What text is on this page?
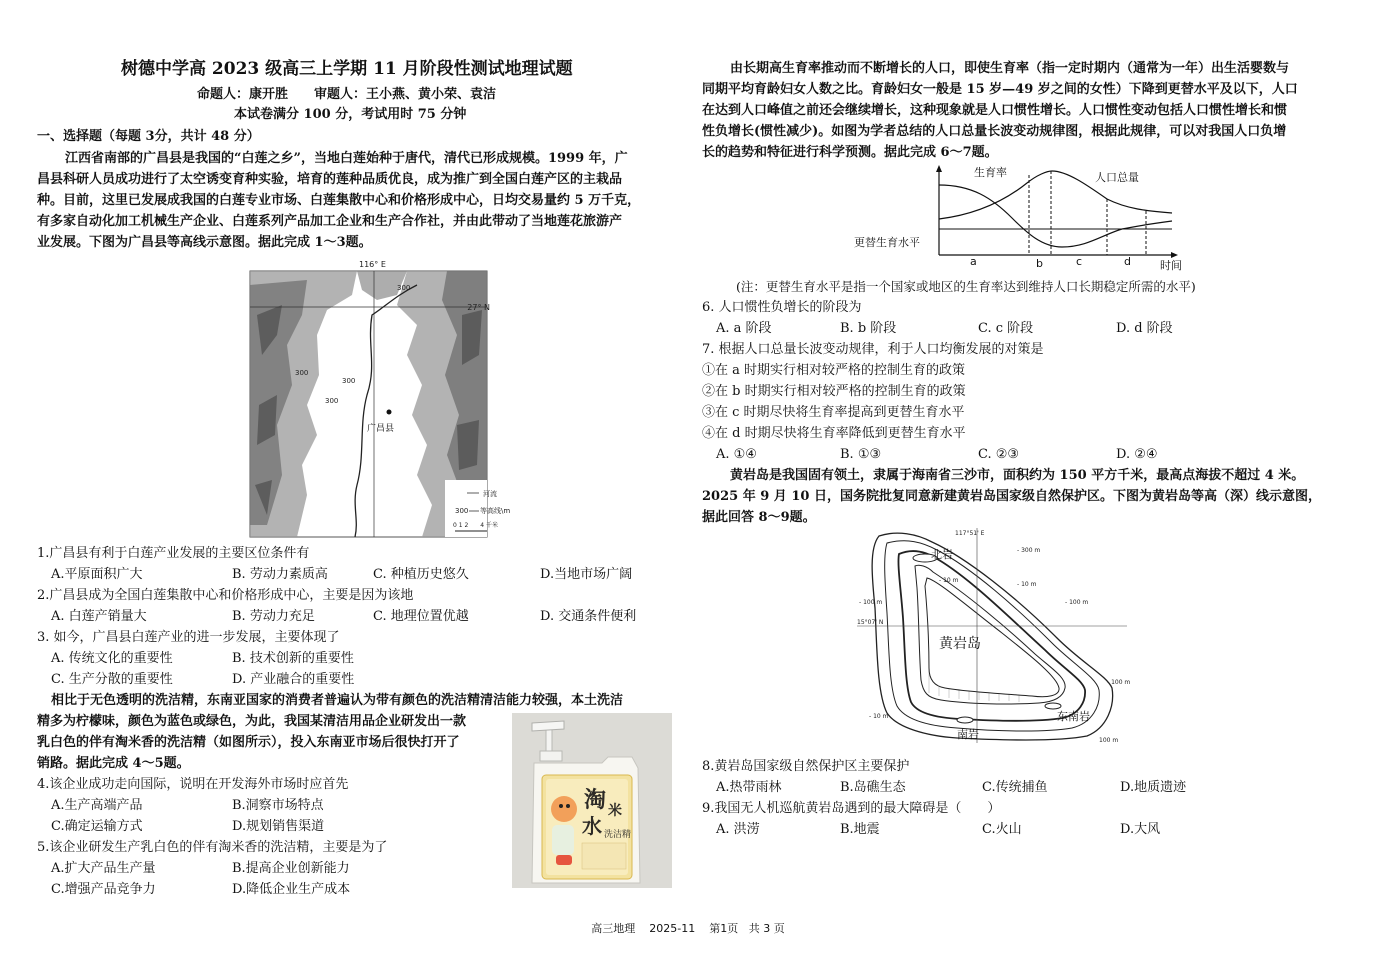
树德中学高 2023 级高三上学期 11 月阶段性测试地理试题
命题人：康开胜　　审题人：王小燕、黄小荣、袁洁
本试卷满分 100 分，考试用时 75 分钟
一、选择题（每题 3分，共计 48 分）
江西省南部的广昌县是我国的“白莲之乡”，当地白莲始种于唐代，清代已形成规模。1999 年，广
昌县科研人员成功进行了太空诱变育种实验，培育的莲种品质优良，成为推广到全国白莲产区的主栽品
种。目前，这里已发展成我国的白莲专业市场、白莲集散中心和价格形成中心，日均交易量约 5 万千克，
有多家自动化加工机械生产企业、白莲系列产品加工企业和生产合作社，并由此带动了当地莲花旅游产
业发展。下图为广昌县等高线示意图。据此完成 1～3题。
116° E
27° N
300
300
300
300
广昌县
河流
300 等高线\m
0 1 2　　4 千米
1.广昌县有利于白莲产业发展的主要区位条件有
A.平原面积广大	B. 劳动力素质高	C. 种植历史悠久	D.当地市场广阔
2.广昌县成为全国白莲集散中心和价格形成中心，主要是因为该地
A. 白莲产销量大	B. 劳动力充足	C. 地理位置优越	D. 交通条件便利
3. 如今，广昌县白莲产业的进一步发展，主要体现了
A. 传统文化的重要性	B. 技术创新的重要性
C. 生产分散的重要性	D. 产业融合的重要性
相比于无色透明的洗洁精，东南亚国家的消费者普遍认为带有颜色的洗洁精清洁能力较强，本土洗洁
精多为柠檬味，颜色为蓝色或绿色，为此，我国某清洁用品企业研发出一款
乳白色的伴有淘米香的洗洁精（如图所示），投入东南亚市场后很快打开了
销路。据此完成 4～5题。
淘 米
水 洗洁精
4.该企业成功走向国际，说明在开发海外市场时应首先
A.生产高端产品	B.洞察市场特点
C.确定运输方式	D.规划销售渠道
5.该企业研发生产乳白色的伴有淘米香的洗洁精，主要是为了
A.扩大产品生产量	B.提高企业创新能力
C.增强产品竞争力	D.降低企业生产成本
由长期高生育率推动而不断增长的人口，即使生育率（指一定时期内（通常为一年）出生活婴数与
同期平均育龄妇女人数之比。育龄妇女一般是 15 岁—49 岁之间的女性）下降到更替水平及以下，人口
在达到人口峰值之前还会继续增长，这种现象就是人口惯性增长。人口惯性变动包括人口惯性增长和惯
性负增长(惯性减少)。如图为学者总结的人口总量长波变动规律图，根据此规律，可以对我国人口负增
长的趋势和特征进行科学预测。据此完成 6～7题。
生育率	人口总量
更替生育水平
时间
a	b	c	d
(注：更替生育水平是指一个国家或地区的生育率达到维持人口长期稳定所需的水平)
6. 人口惯性负增长的阶段为
A. a 阶段	B. b 阶段	C. c 阶段	D. d 阶段
7. 根据人口总量长波变动规律，利于人口均衡发展的对策是
①在 a 时期实行相对较严格的控制生育的政策
②在 b 时期实行相对较严格的控制生育的政策
③在 c 时期尽快将生育率提高到更替生育水平
④在 d 时期尽快将生育率降低到更替生育水平
A. ①④	B. ①③	C. ②③	D. ②④
黄岩岛是我国固有领土，隶属于海南省三沙市，面积约为 150 平方千米，最高点海拔不超过 4 米。
2025 年 9 月 10 日，国务院批复同意新建黄岩岛国家级自然保护区。下图为黄岩岛等高（深）线示意图，
据此回答 8～9题。
117°51' E
15°07' N
黄岩岛
北岩
东南岩
南岩
- 300 m
- 100 m	- 100 m
- 100 m
100 m
- 10 m
- 10 m
- 10 m
8.黄岩岛国家级自然保护区主要保护
A.热带雨林	B.岛礁生态	C.传统捕鱼	D.地质遗迹
9.我国无人机巡航黄岩岛遇到的最大障碍是（　　）
A. 洪涝	B.地震	C.火山	D.大风
高三地理 2025-11 第1页 共 3 页
